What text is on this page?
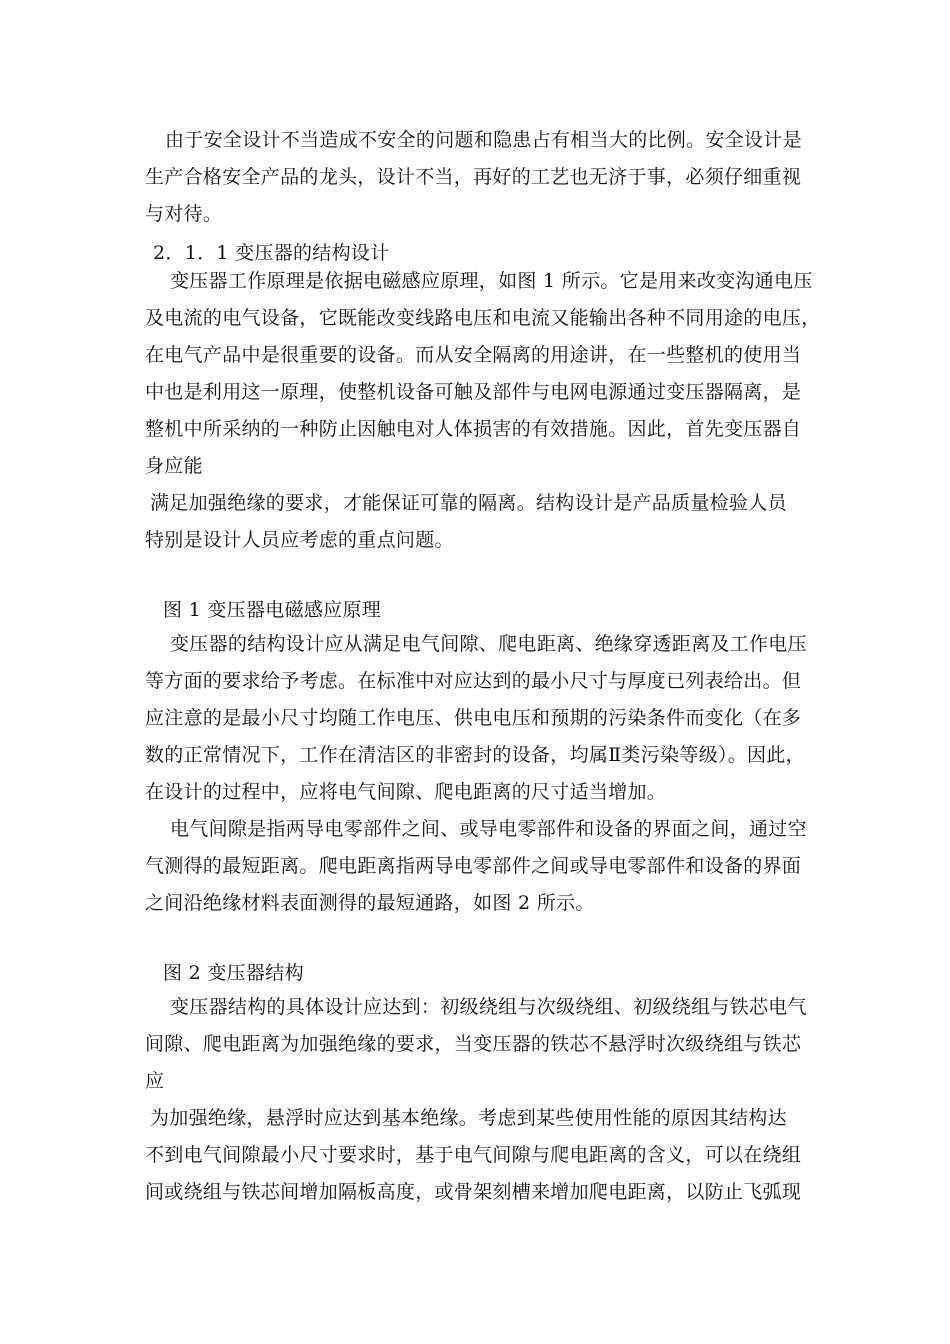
由于安全设计不当造成不安全的问题和隐患占有相当大的比例。安全设计是
生产合格安全产品的龙头，设计不当，再好的工艺也无济于事，必须仔细重视
与对待。
2．1．1 变压器的结构设计
变压器工作原理是依据电磁感应原理，如图 1 所示。它是用来改变沟通电压
及电流的电气设备，它既能改变线路电压和电流又能输出各种不同用途的电压，
在电气产品中是很重要的设备。而从安全隔离的用途讲，在一些整机的使用当
中也是利用这一原理，使整机设备可触及部件与电网电源通过变压器隔离，是
整机中所采纳的一种防止因触电对人体损害的有效措施。因此，首先变压器自
身应能
满足加强绝缘的要求，才能保证可靠的隔离。结构设计是产品质量检验人员
特别是设计人员应考虑的重点问题。
图 1 变压器电磁感应原理
变压器的结构设计应从满足电气间隙、爬电距离、绝缘穿透距离及工作电压
等方面的要求给予考虑。在标准中对应达到的最小尺寸与厚度已列表给出。但
应注意的是最小尺寸均随工作电压、供电电压和预期的污染条件而变化（在多
数的正常情况下，工作在清洁区的非密封的设备，均属Ⅱ类污染等级）。因此，
在设计的过程中，应将电气间隙、爬电距离的尺寸适当增加。
电气间隙是指两导电零部件之间、或导电零部件和设备的界面之间，通过空
气测得的最短距离。爬电距离指两导电零部件之间或导电零部件和设备的界面
之间沿绝缘材料表面测得的最短通路，如图 2 所示。
图 2 变压器结构
变压器结构的具体设计应达到：初级绕组与次级绕组、初级绕组与铁芯电气
间隙、爬电距离为加强绝缘的要求，当变压器的铁芯不悬浮时次级绕组与铁芯
应
为加强绝缘，悬浮时应达到基本绝缘。考虑到某些使用性能的原因其结构达
不到电气间隙最小尺寸要求时，基于电气间隙与爬电距离的含义，可以在绕组
间或绕组与铁芯间增加隔板高度，或骨架刻槽来增加爬电距离，以防止飞弧现
